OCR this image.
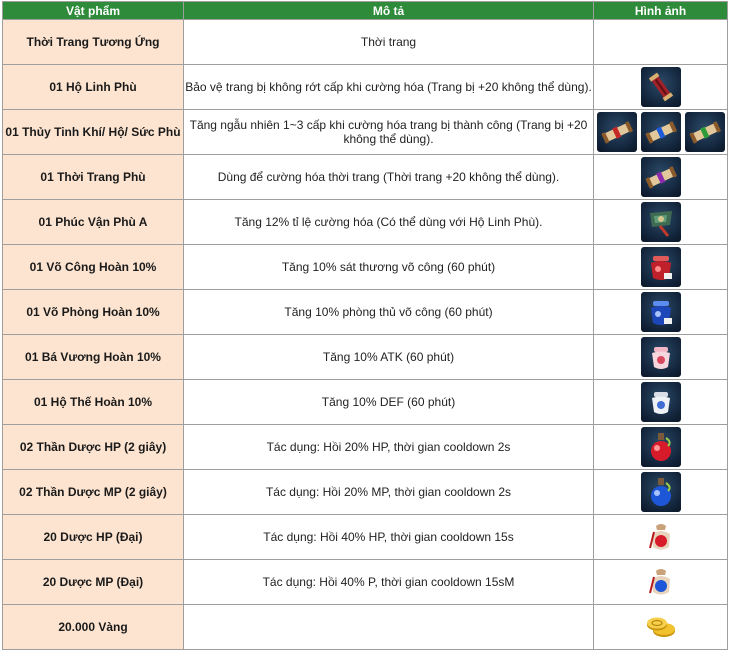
Vật phẩm	Mô tả	Hình ảnh
Thời Trang Tương Ứng	Thời trang	

01 Hộ Linh Phù	Bảo vệ trang bị không rớt cấp khi cường hóa (Trang bị +20 không thể dùng).	

01 Thủy Tinh Khí/ Hộ/ Sức Phù	Tăng ngẫu nhiên 1~3 cấp khi cường hóa trang bị thành công (Trang bị +20 không thể dùng).	

01 Thời Trang Phù	Dùng để cường hóa thời trang (Thời trang +20 không thể dùng).	

01 Phúc Vận Phù A	Tăng 12% tỉ lệ cường hóa (Có thể dùng với Hộ Linh Phù).	

01 Võ Công Hoàn 10%	Tăng 10% sát thương võ công (60 phút)	

01 Võ Phòng Hoàn 10%	Tăng 10% phòng thủ võ công (60 phút)	

01 Bá Vương Hoàn 10%	Tăng 10% ATK (60 phút)	

01 Hộ Thế Hoàn 10%	Tăng 10% DEF (60 phút)	

02 Thần Dược HP (2 giây)	Tác dụng: Hồi 20% HP, thời gian cooldown 2s	

02 Thần Dược MP (2 giây)	Tác dụng: Hồi 20% MP, thời gian cooldown 2s	

20 Dược HP (Đại)	Tác dụng: Hồi 40% HP, thời gian cooldown 15s	

20 Dược MP (Đại)	Tác dụng: Hồi 40% P, thời gian cooldown 15sM	

20.000 Vàng		
